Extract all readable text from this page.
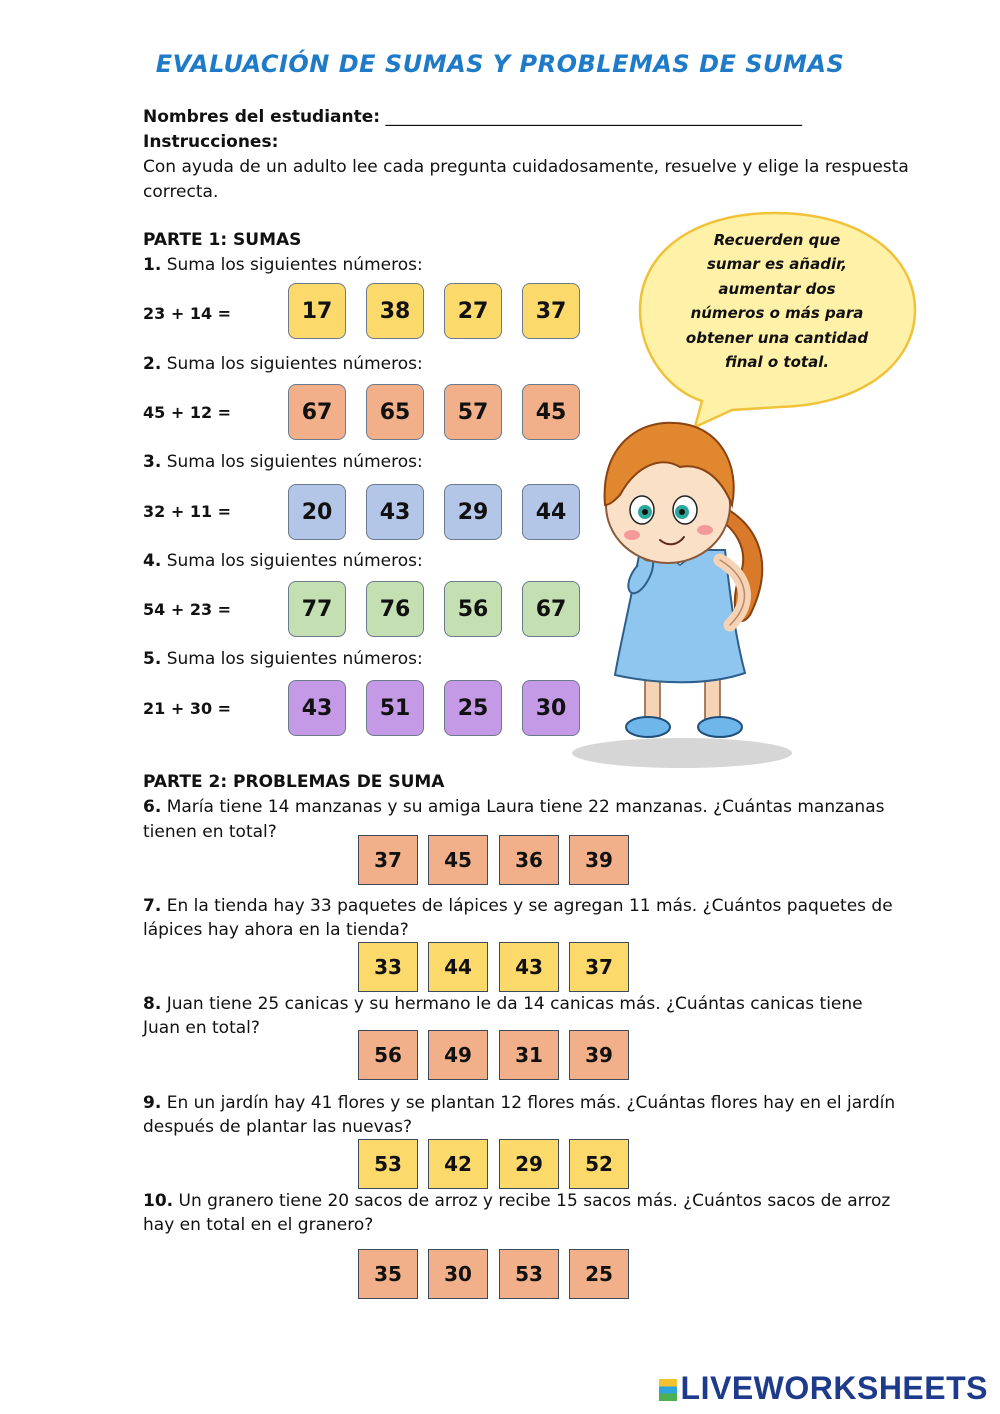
EVALUACIÓN DE SUMAS Y PROBLEMAS DE SUMAS
Nombres del estudiante: _________________________________________________
Instrucciones:
Con ayuda de un adulto lee cada pregunta cuidadosamente, resuelve y elige la respuesta
correcta.
PARTE 1: SUMAS
1. Suma los siguientes números:
23 + 14 =	17	38	27	37
2. Suma los siguientes números:
45 + 12 =	67	65	57	45
3. Suma los siguientes números:
32 + 11 =	20	43	29	44
4. Suma los siguientes números:
54 + 23 =	77	76	56	67
5. Suma los siguientes números:
21 + 30 =	43	51	25	30
Recuerden que
sumar es añadir,
aumentar dos
números o más para
obtener una cantidad
final o total.
PARTE 2: PROBLEMAS DE SUMA
6. María tiene 14 manzanas y su amiga Laura tiene 22 manzanas. ¿Cuántas manzanas
tienen en total?
37	45	36	39
7. En la tienda hay 33 paquetes de lápices y se agregan 11 más. ¿Cuántos paquetes de
lápices hay ahora en la tienda?
33	44	43	37
8. Juan tiene 25 canicas y su hermano le da 14 canicas más. ¿Cuántas canicas tiene
Juan en total?
56	49	31	39
9. En un jardín hay 41 flores y se plantan 12 flores más. ¿Cuántas flores hay en el jardín
después de plantar las nuevas?
53	42	29	52
10. Un granero tiene 20 sacos de arroz y recibe 15 sacos más. ¿Cuántos sacos de arroz
hay en total en el granero?
35	30	53	25
LIVEWORKSHEETS
